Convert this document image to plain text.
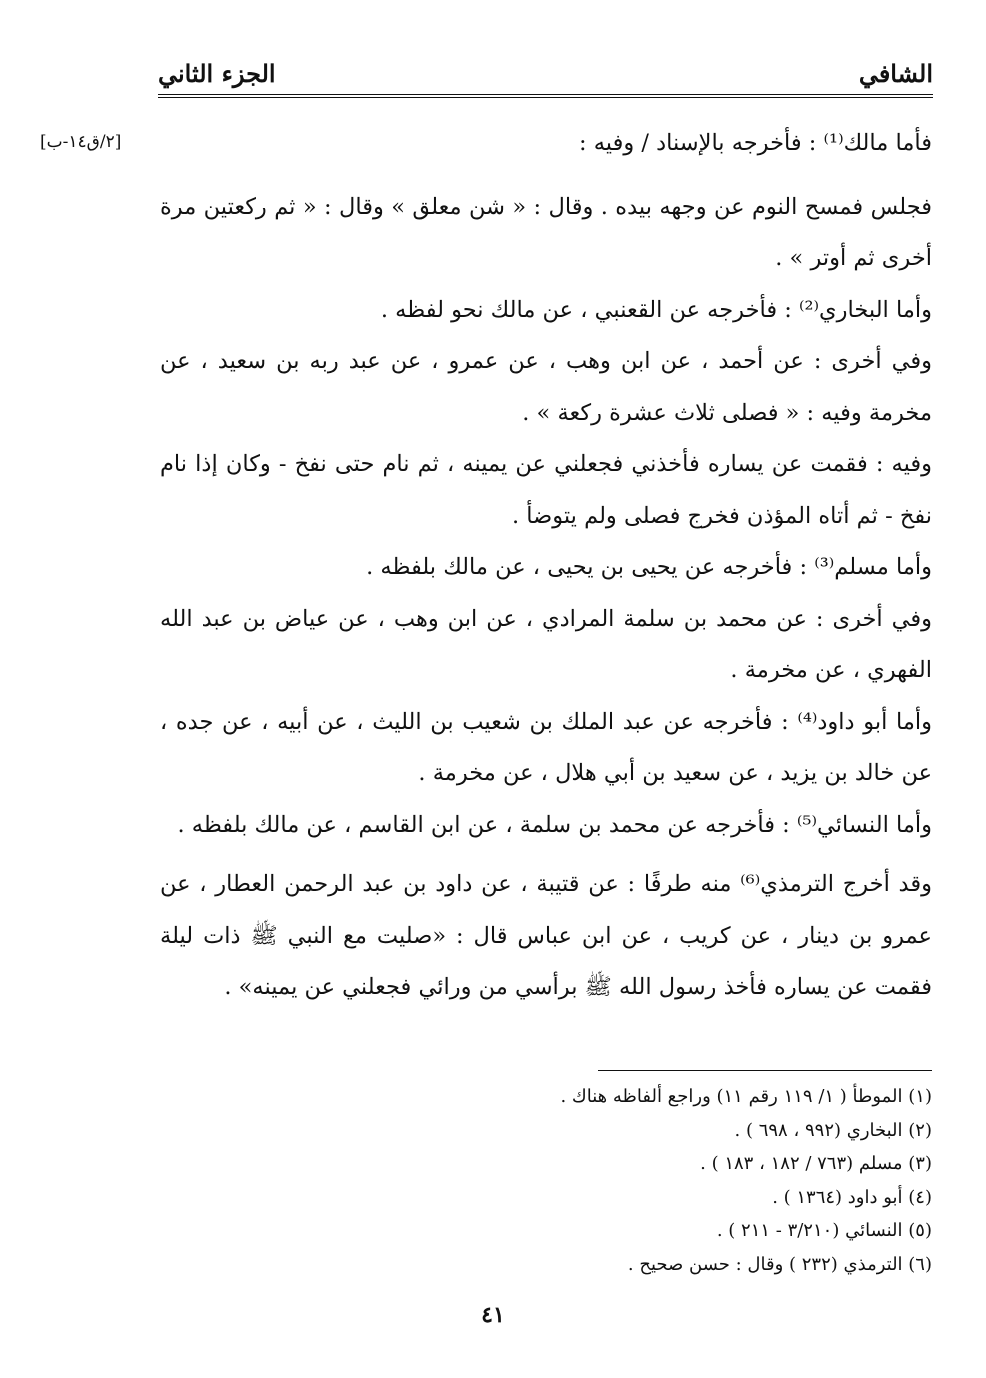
الجزء الثاني	الشافي
[٢/ق١٤-ب]	فأما مالك⁽¹⁾ : فأخرجه بالإسناد / وفيه :

فجلس فمسح النوم عن وجهه بيده . وقال : « شن معلق » وقال : « ثم ركعتين مرة أخرى ثم أوتر » .

وأما البخاري⁽²⁾ : فأخرجه عن القعنبي ، عن مالك نحو لفظه .

وفي أخرى : عن أحمد ، عن ابن وهب ، عن عمرو ، عن عبد ربه بن سعيد ، عن مخرمة وفيه : « فصلى ثلاث عشرة ركعة » .

وفيه : فقمت عن يساره فأخذني فجعلني عن يمينه ، ثم نام حتى نفخ - وكان إذا نام نفخ - ثم أتاه المؤذن فخرج فصلى ولم يتوضأ .

وأما مسلم⁽³⁾ : فأخرجه عن يحيى بن يحيى ، عن مالك بلفظه .

وفي أخرى : عن محمد بن سلمة المرادي ، عن ابن وهب ، عن عياض بن عبد الله الفهري ، عن مخرمة .

وأما أبو داود⁽⁴⁾ : فأخرجه عن عبد الملك بن شعيب بن الليث ، عن أبيه ، عن جده ، عن خالد بن يزيد ، عن سعيد بن أبي هلال ، عن مخرمة .

وأما النسائي⁽⁵⁾ : فأخرجه عن محمد بن سلمة ، عن ابن القاسم ، عن مالك بلفظه .

وقد أخرج الترمذي⁽⁶⁾ منه طرفًا : عن قتيبة ، عن داود بن عبد الرحمن العطار ، عن عمرو بن دينار ، عن كريب ، عن ابن عباس قال : «صليت مع النبي ﷺ ذات ليلة فقمت عن يساره فأخذ رسول الله ﷺ برأسي من ورائي فجعلني عن يمينه» .

(١) الموطأ ( ١/ ١١٩ رقم ١١) وراجع ألفاظه هناك .

(٢) البخاري (٩٩٢ ، ٦٩٨ ) .

(٣) مسلم (٧٦٣ / ١٨٢ ، ١٨٣ ) .

(٤) أبو داود (١٣٦٤ ) .

(٥) النسائي (٣/٢١٠ - ٢١١ ) .

(٦) الترمذي (٢٣٢ ) وقال : حسن صحيح .

٤١
